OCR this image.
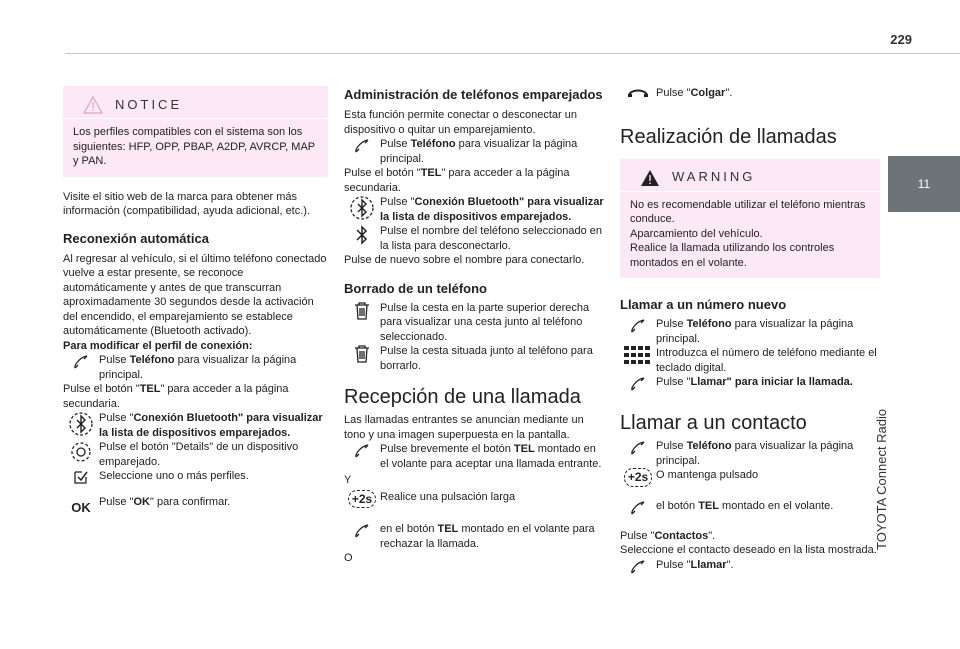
229
11
TOYOTA Connect Radio
NOTICE

Los perfiles compatibles con el sistema son los siguientes: HFP, OPP, PBAP, A2DP, AVRCP, MAP y PAN.

Visite el sitio web de la marca para obtener más información (compatibilidad, ayuda adicional, etc.).

Reconexión automática

Al regresar al vehículo, si el último teléfono conectado vuelve a estar presente, se reconoce automáticamente y antes de que transcurran aproximadamente 30 segundos desde la activación del encendido, el emparejamiento se establece automáticamente (Bluetooth activado).

Para modificar el perfil de conexión:

Pulse Teléfono para visualizar la página principal.

Pulse el botón "TEL" para acceder a la página secundaria.

Pulse "Conexión Bluetooth" para visualizar la lista de dispositivos emparejados.

Pulse el botón "Details" de un dispositivo emparejado.

Seleccione uno o más perfiles.

OK Pulse "OK" para confirmar.

Administración de teléfonos emparejados

Esta función permite conectar o desconectar un dispositivo o quitar un emparejamiento.

Pulse Teléfono para visualizar la página principal.

Pulse el botón "TEL" para acceder a la página secundaria.

Pulse "Conexión Bluetooth" para visualizar la lista de dispositivos emparejados.

Pulse el nombre del teléfono seleccionado en la lista para desconectarlo.

Pulse de nuevo sobre el nombre para conectarlo.

Borrado de un teléfono

Pulse la cesta en la parte superior derecha para visualizar una cesta junto al teléfono seleccionado.

Pulse la cesta situada junto al teléfono para borrarlo.

Recepción de una llamada

Las llamadas entrantes se anuncian mediante un tono y una imagen superpuesta en la pantalla.

Pulse brevemente el botón TEL montado en el volante para aceptar una llamada entrante.

Y

+2s Realice una pulsación larga

en el botón TEL montado en el volante para rechazar la llamada.

O

Pulse "Colgar".

Realización de llamadas
WARNING

No es recomendable utilizar el teléfono mientras conduce.

Aparcamiento del vehículo.

Realice la llamada utilizando los controles montados en el volante.

Llamar a un número nuevo

Pulse Teléfono para visualizar la página principal.

Introduzca el número de teléfono mediante el teclado digital.

Pulse "Llamar" para iniciar la llamada.

Llamar a un contacto

Pulse Teléfono para visualizar la página principal.

+2s O mantenga pulsado

el botón TEL montado en el volante.

Pulse "Contactos".

Seleccione el contacto deseado en la lista mostrada.

Pulse "Llamar".
